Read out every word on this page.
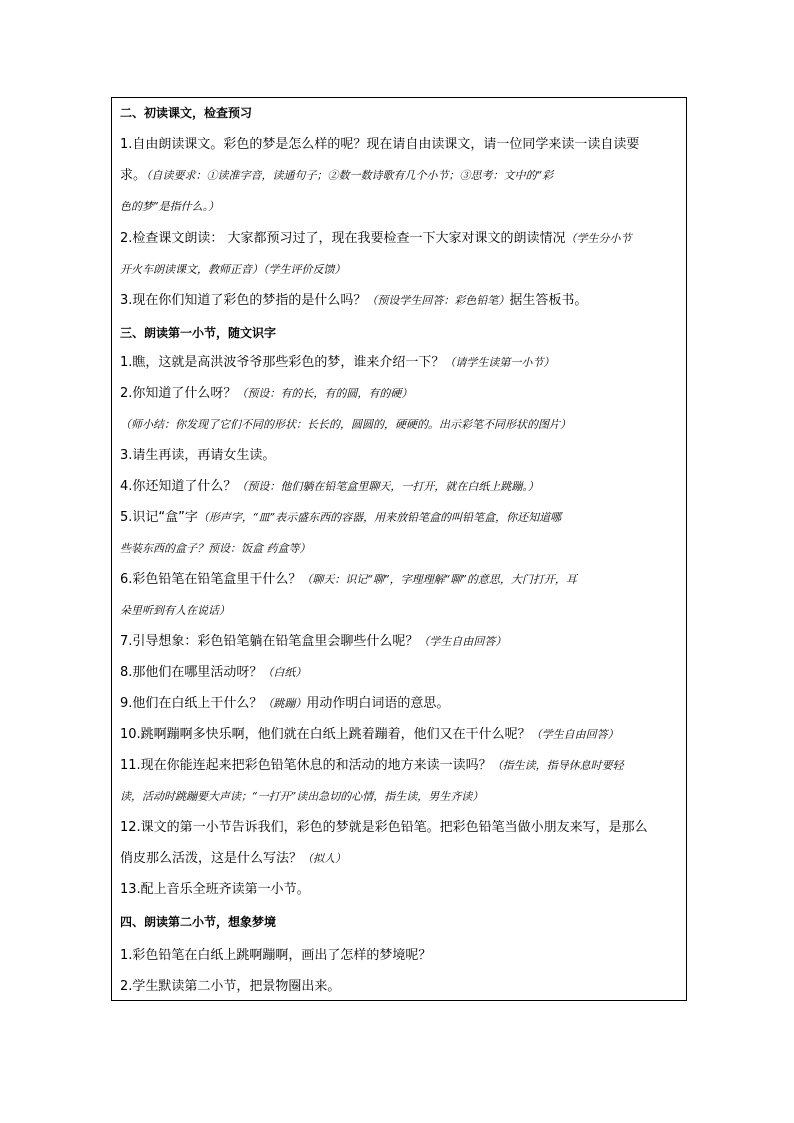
二、初读课文，检查预习
1.自由朗读课文。彩色的梦是怎么样的呢？现在请自由读课文，请一位同学来读一读自读要
求。（自读要求：①读准字音，读通句子；②数一数诗歌有几个小节；③思考：文中的“彩
色的梦”是指什么。）
2.检查课文朗读： 大家都预习过了，现在我要检查一下大家对课文的朗读情况（学生分小节
开火车朗读课文，教师正音）（学生评价反馈）
3.现在你们知道了彩色的梦指的是什么吗？（预设学生回答：彩色铅笔）据生答板书。
三、朗读第一小节，随文识字
1.瞧，这就是高洪波爷爷那些彩色的梦，谁来介绍一下？（请学生读第一小节）
2.你知道了什么呀？（预设：有的长，有的圆，有的硬）
（师小结：你发现了它们不同的形状：长长的，圆圆的，硬硬的。出示彩笔不同形状的图片）
3.请生再读，再请女生读。
4.你还知道了什么？（预设：他们躺在铅笔盒里聊天，一打开，就在白纸上跳蹦。）
5.识记“盒”字（形声字，“皿”表示盛东西的容器，用来放铅笔盒的叫铅笔盒，你还知道哪
些装东西的盒子？预设：饭盒 药盒等）
6.彩色铅笔在铅笔盒里干什么？（聊天：识记“聊”，字理理解“聊”的意思，大门打开，耳
朵里听到有人在说话）
7.引导想象：彩色铅笔躺在铅笔盒里会聊些什么呢？（学生自由回答）
8.那他们在哪里活动呀？（白纸）
9.他们在白纸上干什么？（跳蹦）用动作明白词语的意思。
10.跳啊蹦啊多快乐啊，他们就在白纸上跳着蹦着，他们又在干什么呢？（学生自由回答）
11.现在你能连起来把彩色铅笔休息的和活动的地方来读一读吗？（指生读，指导休息时要轻
读，活动时跳蹦要大声读；“一打开”读出急切的心情，指生读，男生齐读）
12.课文的第一小节告诉我们，彩色的梦就是彩色铅笔。把彩色铅笔当做小朋友来写，是那么
俏皮那么活泼，这是什么写法？（拟人）
13.配上音乐全班齐读第一小节。
四、朗读第二小节，想象梦境
1.彩色铅笔在白纸上跳啊蹦啊，画出了怎样的梦境呢？
2.学生默读第二小节，把景物圈出来。
